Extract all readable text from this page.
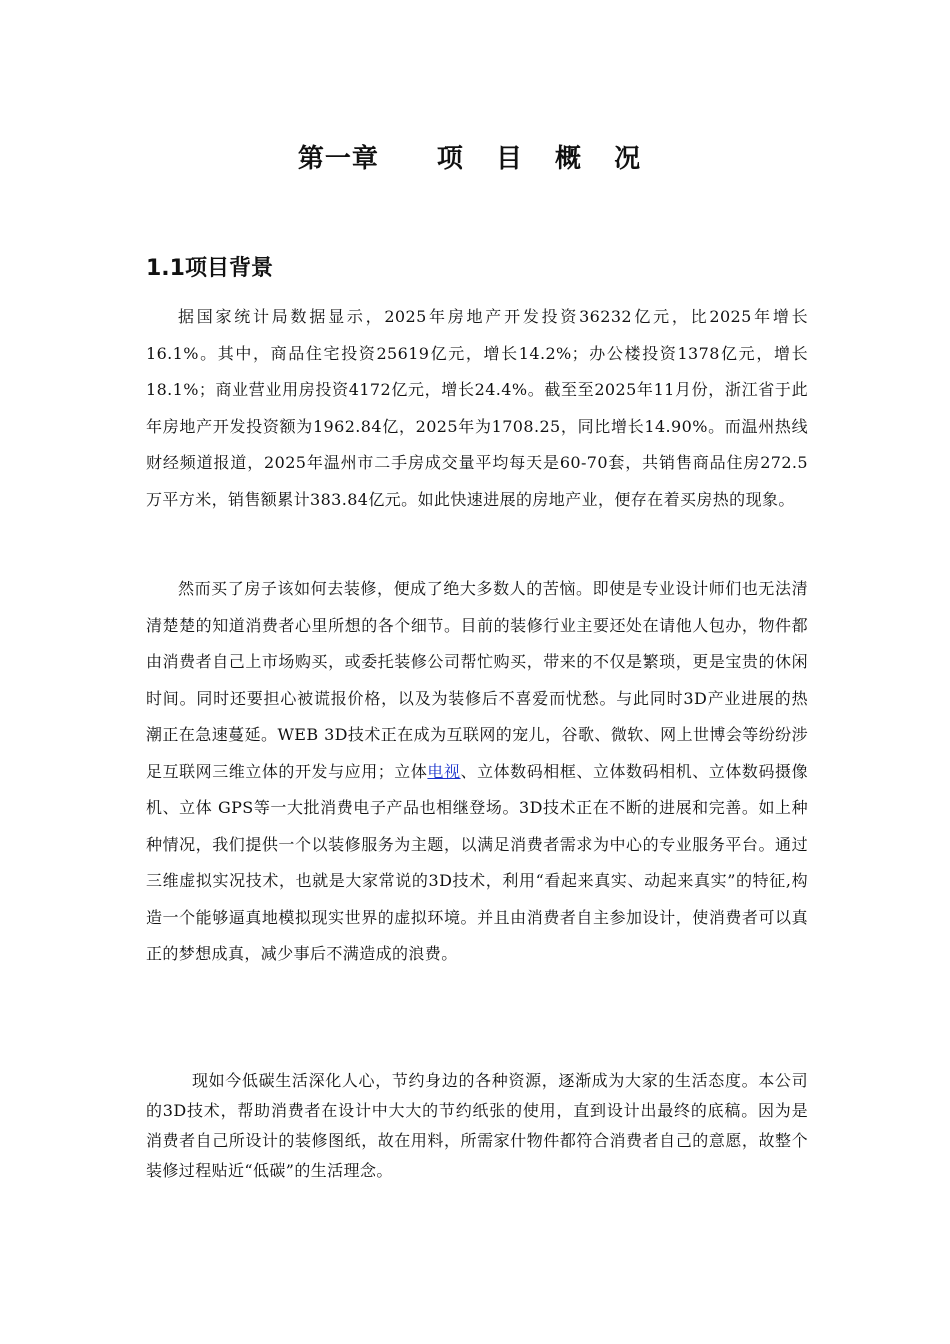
第一章 项 目 概 况
1.1项目背景

据国家统计局数据显示，2025年房地产开发投资36232亿元，比2025年增长16.1%。其中，商品住宅投资25619亿元，增长14.2%；办公楼投资1378亿元，增长18.1%；商业营业用房投资4172亿元，增长24.4%。截至至2025年11月份，浙江省于此年房地产开发投资额为1962.84亿，2025年为1708.25，同比增长14.90%。而温州热线财经频道报道，2025年温州市二手房成交量平均每天是60-70套，共销售商品住房272.5万平方米，销售额累计383.84亿元。如此快速进展的房地产业，便存在着买房热的现象。

然而买了房子该如何去装修，便成了绝大多数人的苦恼。即使是专业设计师们也无法清清楚楚的知道消费者心里所想的各个细节。目前的装修行业主要还处在请他人包办，物件都由消费者自己上市场购买，或委托装修公司帮忙购买，带来的不仅是繁琐，更是宝贵的休闲时间。同时还要担心被谎报价格，以及为装修后不喜爱而忧愁。与此同时3D产业进展的热潮正在急速蔓延。WEB 3D技术正在成为互联网的宠儿，谷歌、微软、网上世博会等纷纷涉足互联网三维立体的开发与应用；立体电视、立体数码相框、立体数码相机、立体数码摄像机、立体 GPS等一大批消费电子产品也相继登场。3D技术正在不断的进展和完善。如上种种情况，我们提供一个以装修服务为主题，以满足消费者需求为中心的专业服务平台。通过三维虚拟实况技术，也就是大家常说的3D技术，利用“看起来真实、动起来真实”的特征,构造一个能够逼真地模拟现实世界的虚拟环境。并且由消费者自主参加设计，使消费者可以真正的梦想成真，减少事后不满造成的浪费。

现如今低碳生活深化人心，节约身边的各种资源，逐渐成为大家的生活态度。本公司的3D技术，帮助消费者在设计中大大的节约纸张的使用，直到设计出最终的底稿。因为是消费者自己所设计的装修图纸，故在用料，所需家什物件都符合消费者自己的意愿，故整个装修过程贴近“低碳”的生活理念。
